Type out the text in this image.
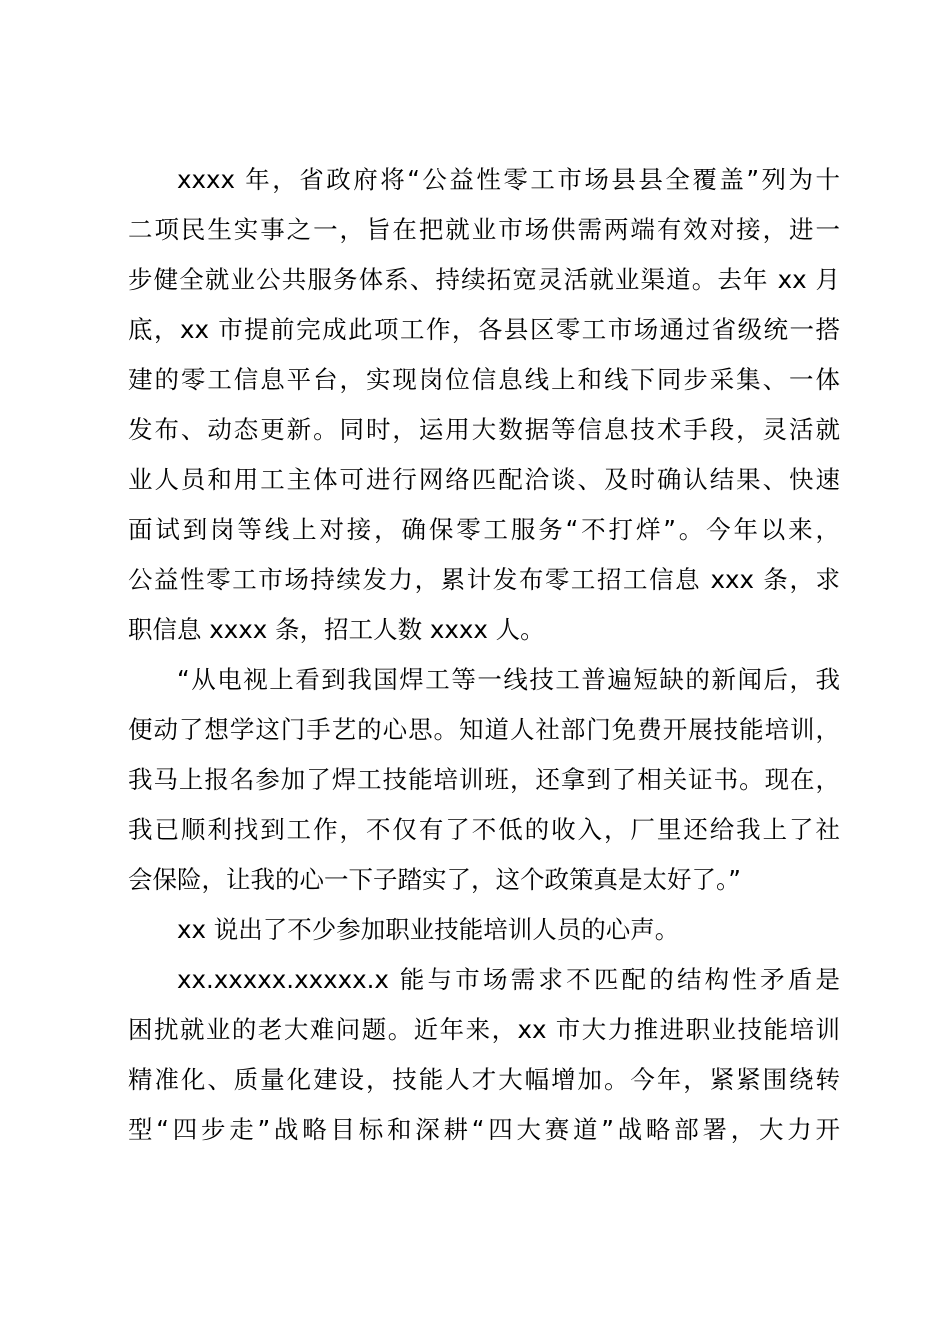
xxxx 年，省政府将“公益性零工市场县县全覆盖”列为十
二项民生实事之一，旨在把就业市场供需两端有效对接，进一
步健全就业公共服务体系、持续拓宽灵活就业渠道。去年 xx 月
底，xx 市提前完成此项工作，各县区零工市场通过省级统一搭
建的零工信息平台，实现岗位信息线上和线下同步采集、一体
发布、动态更新。同时，运用大数据等信息技术手段，灵活就
业人员和用工主体可进行网络匹配洽谈、及时确认结果、快速
面试到岗等线上对接，确保零工服务“不打烊”。今年以来，
公益性零工市场持续发力，累计发布零工招工信息 xxx 条，求
职信息 xxxx 条，招工人数 xxxx 人。
“从电视上看到我国焊工等一线技工普遍短缺的新闻后，我
便动了想学这门手艺的心思。知道人社部门免费开展技能培训，
我马上报名参加了焊工技能培训班，还拿到了相关证书。现在，
我已顺利找到工作，不仅有了不低的收入，厂里还给我上了社
会保险，让我的心一下子踏实了，这个政策真是太好了。”
xx 说出了不少参加职业技能培训人员的心声。
xx.xxxxx.xxxxx.x 能与市场需求不匹配的结构性矛盾是
困扰就业的老大难问题。近年来，xx 市大力推进职业技能培训
精准化、质量化建设，技能人才大幅增加。今年，紧紧围绕转
型“四步走”战略目标和深耕“四大赛道”战略部署，大力开
